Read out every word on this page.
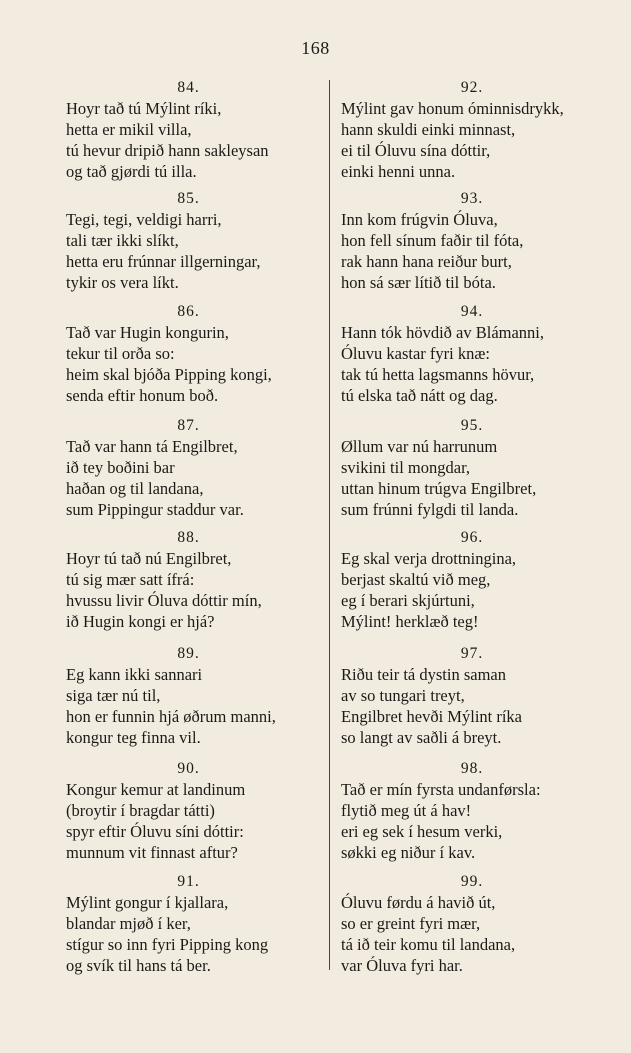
168
84.
Hoyr tað tú Mýlint ríki,
hetta er mikil villa,
tú hevur dripið hann sakleysan
og tað gjørdi tú illa.
85.
Tegi, tegi, veldigi harri,
tali tær ikki slíkt,
hetta eru frúnnar illgerningar,
tykir os vera líkt.
86.
Tað var Hugin kongurin,
tekur til orða so:
heim skal bjóða Pipping kongi,
senda eftir honum boð.
87.
Tað var hann tá Engilbret,
ið tey boðini bar
haðan og til landana,
sum Pippingur staddur var.
88.
Hoyr tú tað nú Engilbret,
tú sig mær satt ífrá:
hvussu livir Óluva dóttir mín,
ið Hugin kongi er hjá?
89.
Eg kann ikki sannari
siga tær nú til,
hon er funnin hjá øðrum manni,
kongur teg finna vil.
90.
Kongur kemur at landinum
(broytir í bragdar tátti)
spyr eftir Óluvu síni dóttir:
munnum vit finnast aftur?
91.
Mýlint gongur í kjallara,
blandar mjøð í ker,
stígur so inn fyri Pipping kong
og svík til hans tá ber.
92.
Mýlint gav honum óminnisdrykk,
hann skuldi einki minnast,
ei til Óluvu sína dóttir,
einki henni unna.
93.
Inn kom frúgvin Óluva,
hon fell sínum faðir til fóta,
rak hann hana reiður burt,
hon sá sær lítið til bóta.
94.
Hann tók hövdið av Blámanni,
Óluvu kastar fyri knæ:
tak tú hetta lagsmanns hövur,
tú elska tað nátt og dag.
95.
Øllum var nú harrunum
svikini til mongdar,
uttan hinum trúgva Engilbret,
sum frúnni fylgdi til landa.
96.
Eg skal verja drottningina,
berjast skaltú við meg,
eg í berari skjúrtuni,
Mýlint! herklæð teg!
97.
Riðu teir tá dystin saman
av so tungari treyt,
Engilbret hevði Mýlint ríka
so langt av saðli á breyt.
98.
Tað er mín fyrsta undanførsla:
flytið meg út á hav!
eri eg sek í hesum verki,
søkki eg niður í kav.
99.
Óluvu førdu á havið út,
so er greint fyri mær,
tá ið teir komu til landana,
var Óluva fyri har.
